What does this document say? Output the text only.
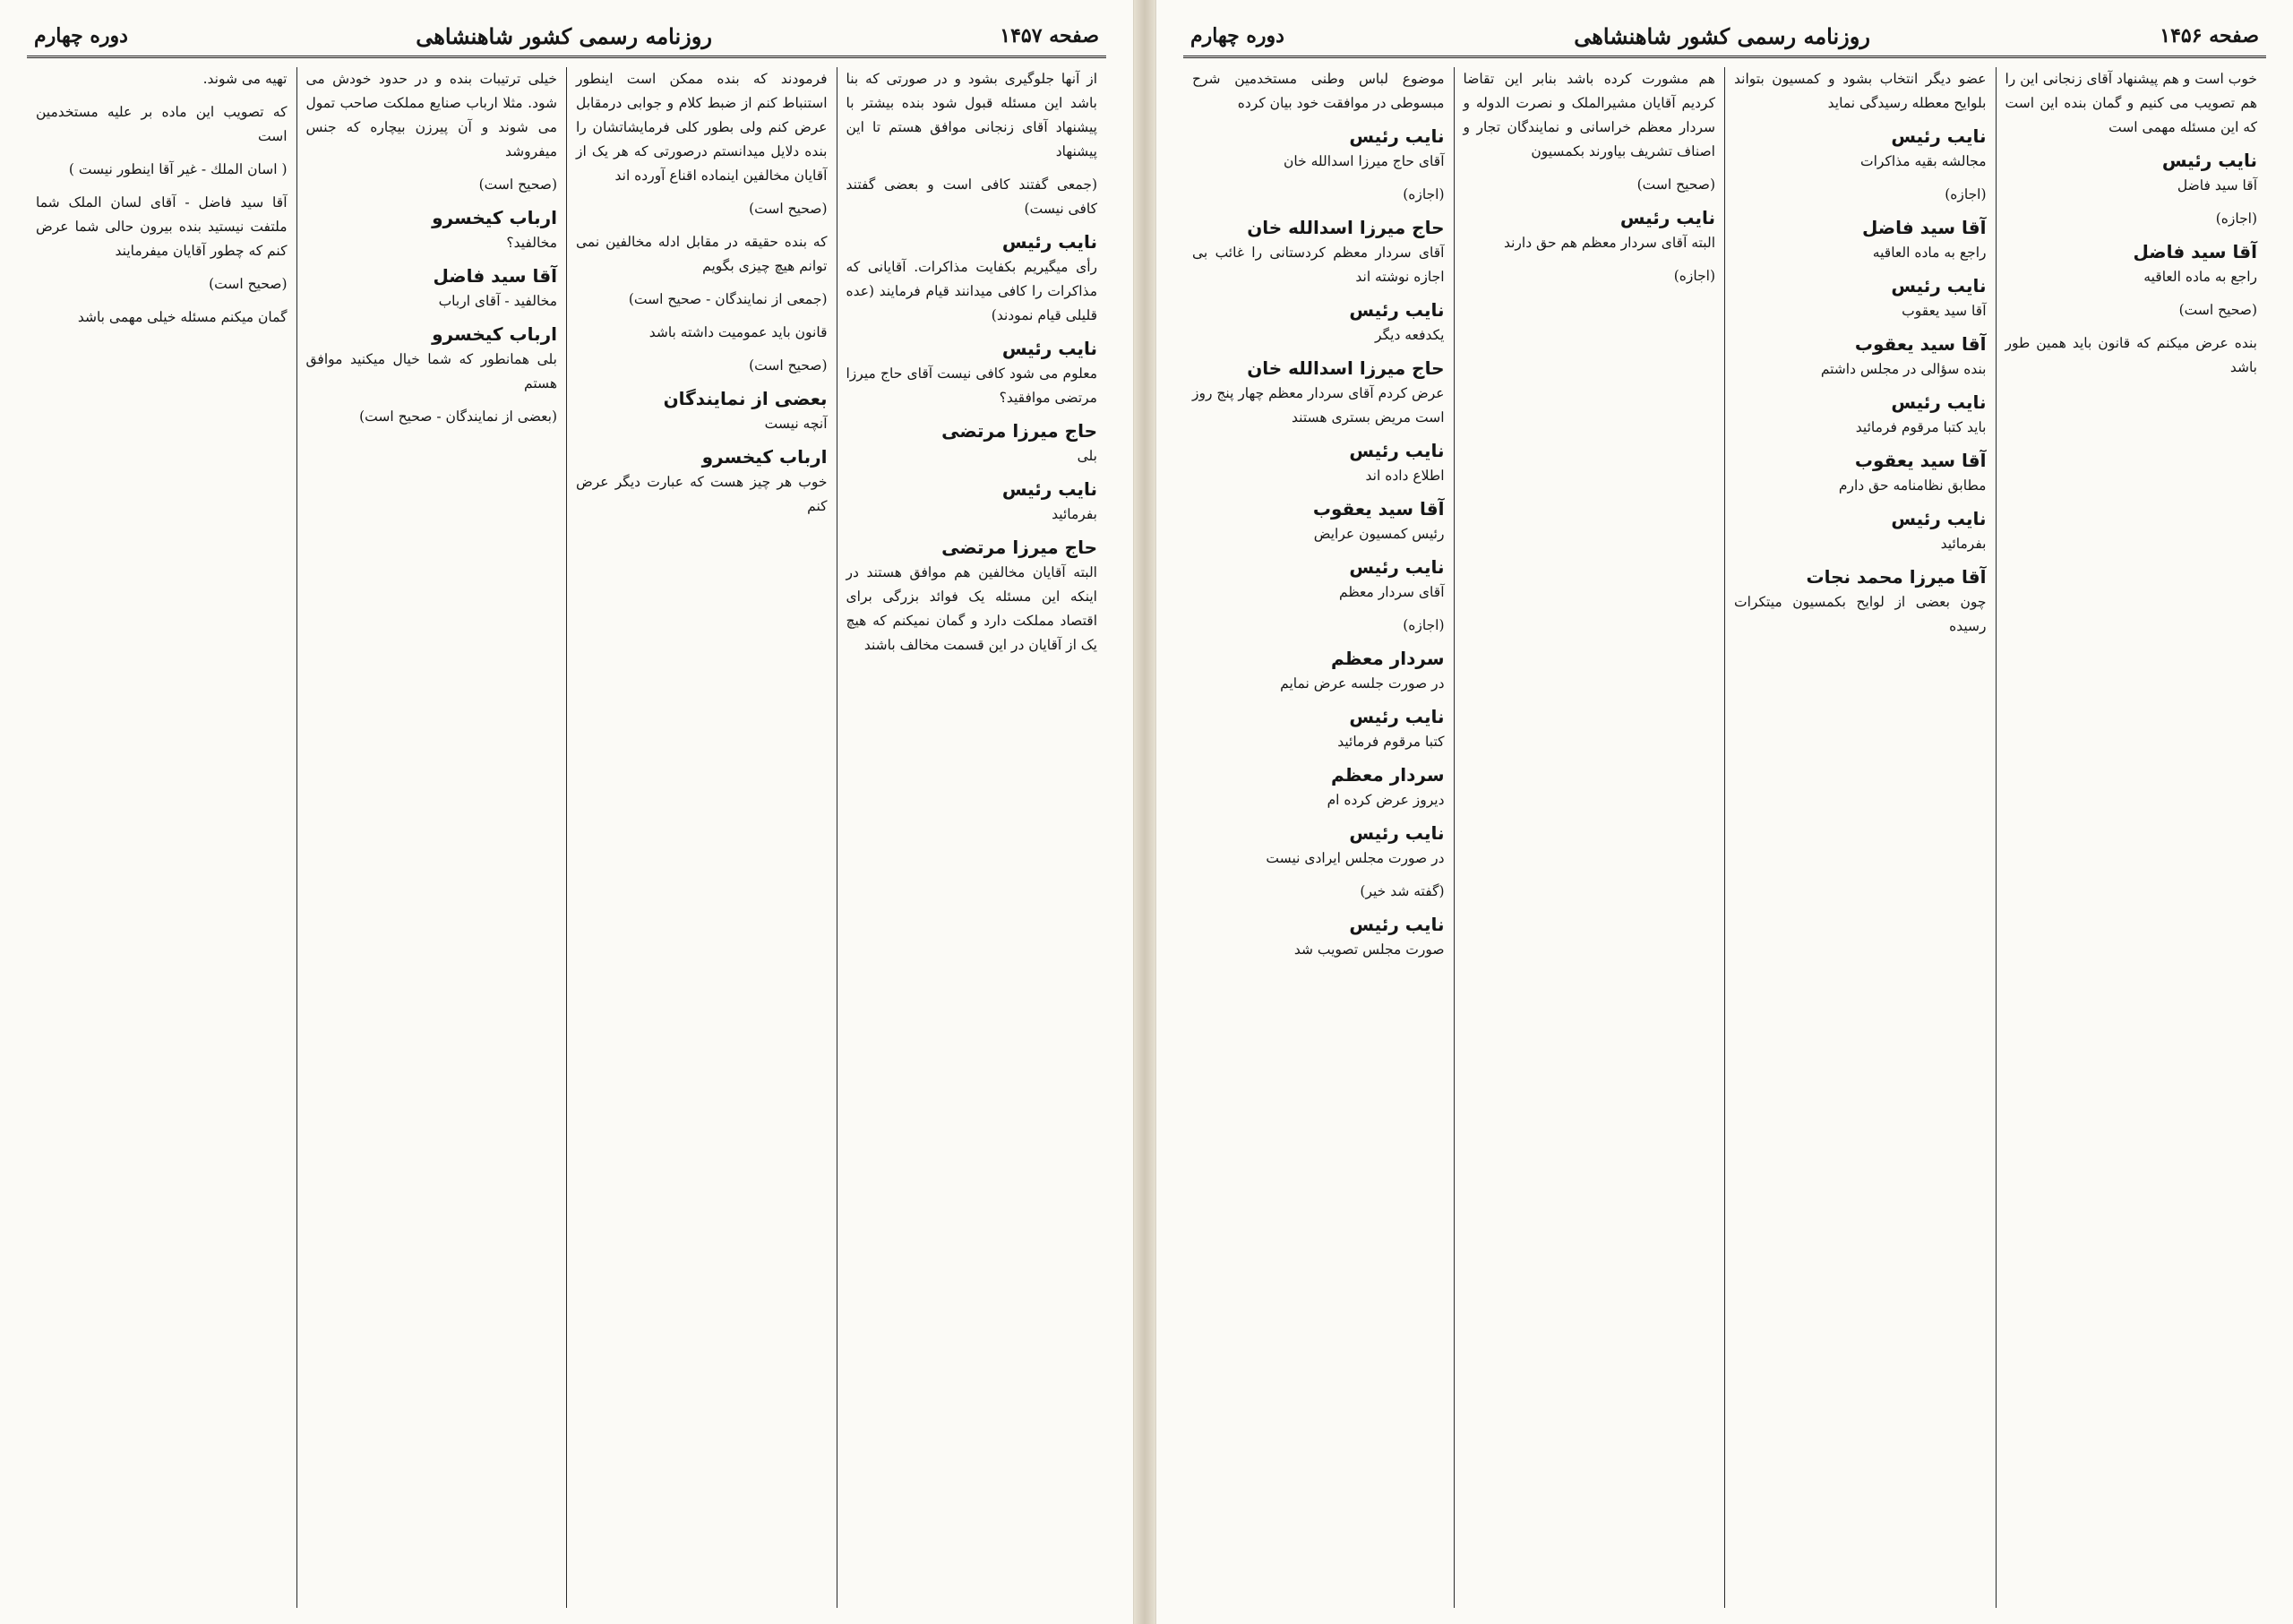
صفحه ۱۴۵۷
روزنامه رسمی کشور شاهنشاهی
دوره چهارم
از آنها جلوگیری بشود و در صورتی که بنا باشد این مسئله قبول شود بنده بیشتر با پیشنهاد آقای زنجانی موافق هستم تا این پیشنهاد
(جمعی گفتند کافی است و بعضی گفتند کافی نیست)
نایب رئیس
رأی میگیریم بکفایت مذاکرات. آقایانی که مذاکرات را کافی میدانند قیام فرمایند (عده قلیلی قیام نمودند)
نایب رئیس
معلوم می شود کافی نیست آقای حاج میرزا مرتضی موافقید؟
حاج میرزا مرتضی
بلی
نایب رئیس
بفرمائید
حاج میرزا مرتضی
البته آقایان مخالفین هم موافق هستند در اینکه این مسئله یک فوائد بزرگی برای اقتصاد مملکت دارد و گمان نمیکنم که هیچ یک از آقایان در این قسمت مخالف باشند
فرمودند که بنده ممکن است اینطور استنباط کنم از ضبط کلام و جوابی درمقابل عرض کنم ولی بطور کلی فرمایشاتشان را بنده دلایل میدانستم درصورتی که هر یک از آقایان مخالفین اینماده اقناع آورده اند
(صحیح است)
که بنده حقیقه در مقابل ادله مخالفین نمی توانم هیچ چیزی بگویم
(جمعی از نمایندگان - صحیح است)
قانون باید عمومیت داشته باشد
(صحیح است)
بعضی از نمایندگان
آنچه نیست
ارباب کیخسرو
خوب هر چیز هست که عبارت دیگر عرض کنم
خیلی ترتیبات بنده و در حدود خودش می شود. مثلا ارباب صنایع مملکت صاحب تمول می شوند و آن پیرزن بیچاره که جنس میفروشد
(صحیح است)
ارباب کیخسرو
مخالفید؟
آقا سید فاضل
مخالفید - آقای ارباب
ارباب کیخسرو
بلی همانطور که شما خیال میکنید موافق هستم
(بعضی از نمایندگان - صحیح است)
تهیه می شوند.
که تصویب این ماده بر علیه مستخدمین است
( اسان الملك - غیر آقا اینطور نیست )
آقا سید فاضل - آقای لسان الملک شما ملتفت نیستید بنده بیرون حالی شما عرض کنم که چطور آقایان میفرمایند
(صحیح است)
گمان میکنم مسئله خیلی مهمی باشد
صفحه ۱۴۵۶
روزنامه رسمی کشور شاهنشاهی
دوره چهارم
خوب است و هم پیشنهاد آقای زنجانی این را هم تصویب می کنیم و گمان بنده این است که این مسئله مهمی است
نایب رئیس
آقا سید فاضل
(اجازه)
آقا سید فاضل
راجع به ماده العاقیه
(صحیح است)
بنده عرض میکنم که قانون باید همین طور باشد
عضو دیگر انتخاب بشود و کمسیون بتواند بلوایح معطله رسیدگی نماید
نایب رئیس
مجالشه بقیه مذاکرات
(اجازه)
آقا سید فاضل
راجع به ماده العاقیه
نایب رئیس
آقا سید یعقوب
آقا سید یعقوب
بنده سؤالی در مجلس داشتم
نایب رئیس
باید کتبا مرقوم فرمائید
آقا سید یعقوب
مطابق نظامنامه حق دارم
نایب رئیس
بفرمائید
آقا میرزا محمد نجات
چون بعضی از لوایح بکمسیون میتکرات رسیده
هم مشورت کرده باشد بنابر این تقاضا کردیم آقایان مشیرالملک و نصرت الدوله و سردار معظم خراسانی و نمایندگان تجار و اصناف تشریف بیاورند بکمسیون
(صحیح است)
نایب رئیس
البته آقای سردار معظم هم حق دارند
(اجازه)
موضوع لباس وطنی مستخدمین شرح مبسوطی در موافقت خود بیان کرده
نایب رئیس
آقای حاج میرزا اسدالله خان
(اجازه)
حاج میرزا اسدالله خان
آقای سردار معظم کردستانی را غائب بی اجازه نوشته اند
نایب رئیس
یکدفعه دیگر
حاج میرزا اسدالله خان
عرض کردم آقای سردار معظم چهار پنج روز است مریض بستری هستند
نایب رئیس
اطلاع داده اند
آقا سید یعقوب
رئیس کمسیون عرایض
نایب رئیس
آقای سردار معظم
(اجازه)
سردار معظم
در صورت جلسه عرض نمایم
نایب رئیس
کتبا مرقوم فرمائید
سردار معظم
دیروز عرض کرده ام
نایب رئیس
در صورت مجلس ایرادی نیست
(گفته شد خیر)
نایب رئیس
صورت مجلس تصویب شد
